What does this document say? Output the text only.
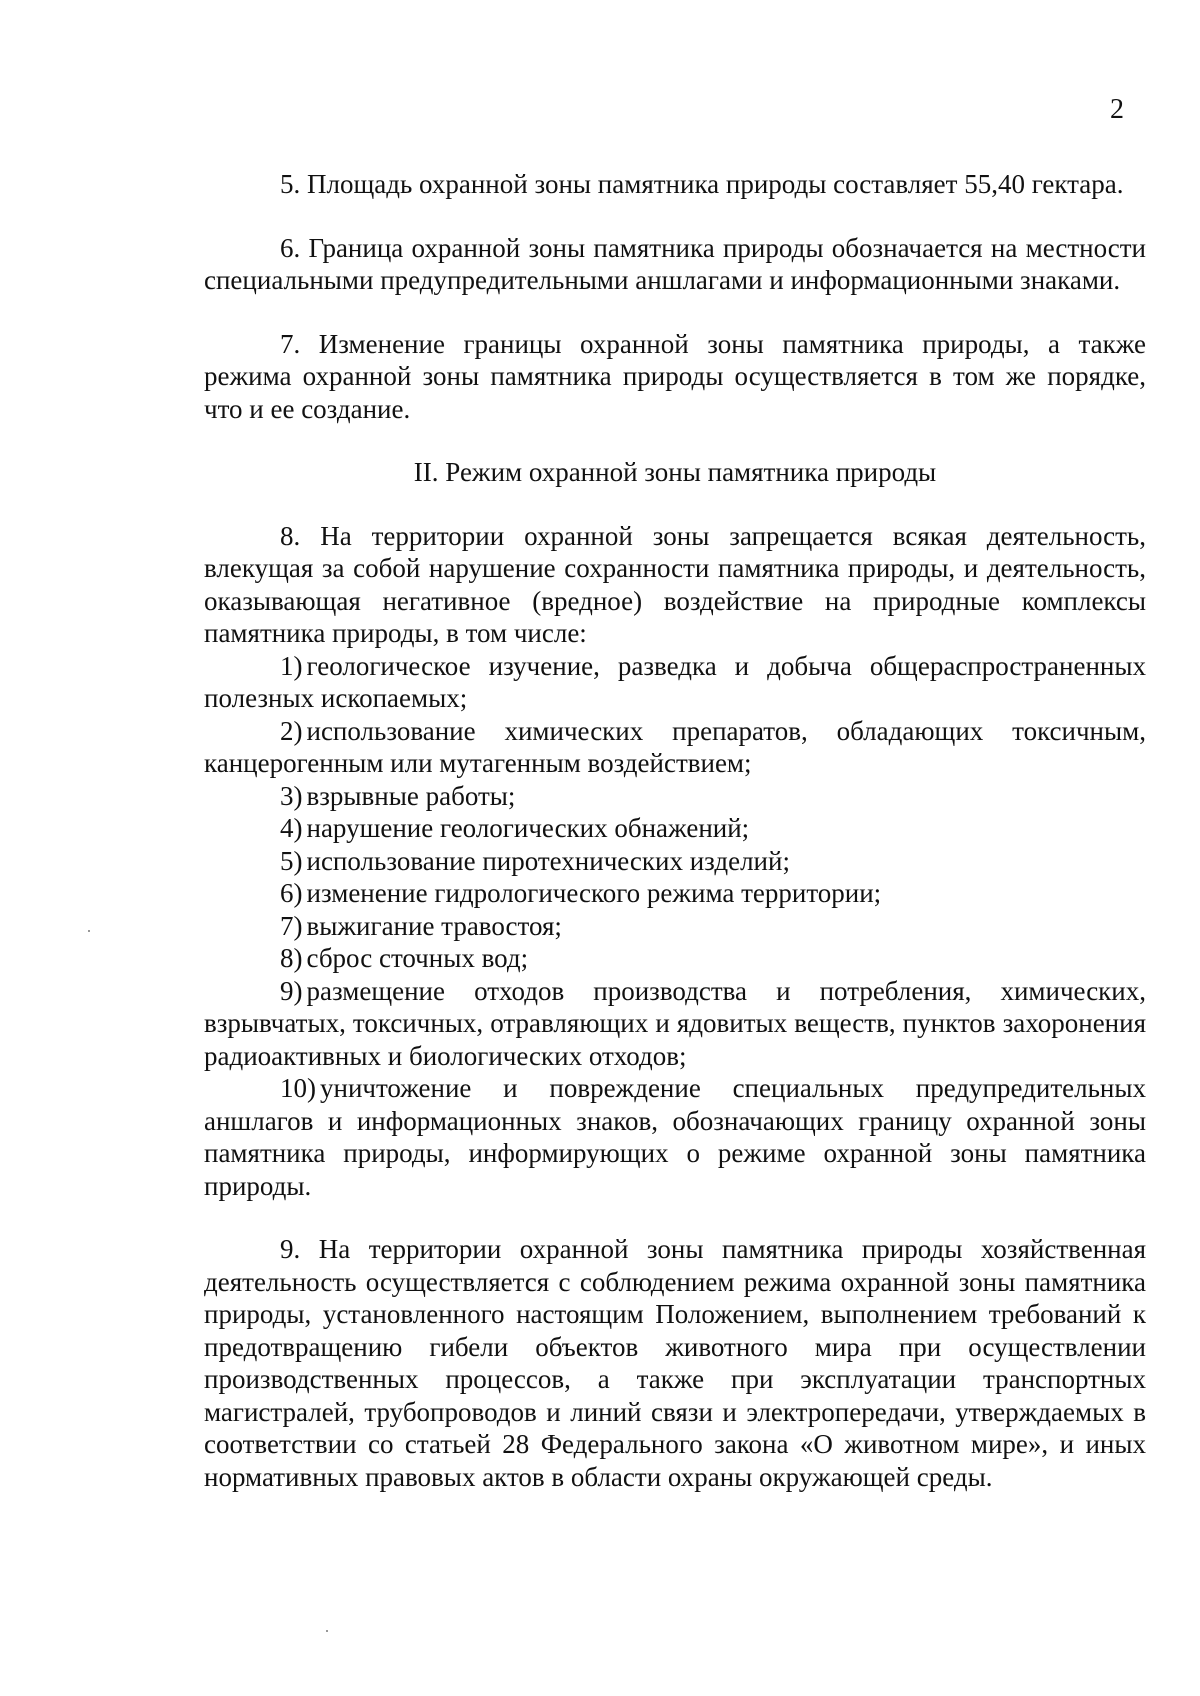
2

5. Площадь охранной зоны памятника природы составляет 55,40 гектара.

6. Граница охранной зоны памятника природы обозначается на местности специальными предупредительными аншлагами и информационными знаками.

7. Изменение границы охранной зоны памятника природы, а также режима охранной зоны памятника природы осуществляется в том же порядке, что и ее создание.

II. Режим охранной зоны памятника природы

8. На территории охранной зоны запрещается всякая деятельность, влекущая за собой нарушение сохранности памятника природы, и деятельность, оказывающая негативное (вредное) воздействие на природные комплексы памятника природы, в том числе:

1) геологическое изучение, разведка и добыча общераспространенных полезных ископаемых;

2) использование химических препаратов, обладающих токсичным, канцерогенным или мутагенным воздействием;

3) взрывные работы;

4) нарушение геологических обнажений;

5) использование пиротехнических изделий;

6) изменение гидрологического режима территории;

7) выжигание травостоя;

8) сброс сточных вод;

9) размещение отходов производства и потребления, химических, взрывчатых, токсичных, отравляющих и ядовитых веществ, пунктов захоронения радиоактивных и биологических отходов;

10) уничтожение и повреждение специальных предупредительных аншлагов и информационных знаков, обозначающих границу охранной зоны памятника природы, информирующих о режиме охранной зоны памятника природы.

9. На территории охранной зоны памятника природы хозяйственная деятельность осуществляется с соблюдением режима охранной зоны памятника природы, установленного настоящим Положением, выполнением требований к предотвращению гибели объектов животного мира при осуществлении производственных процессов, а также при эксплуатации транспортных магистралей, трубопроводов и линий связи и электропередачи, утверждаемых в соответствии со статьей 28 Федерального закона «О животном мире», и иных нормативных правовых актов в области охраны окружающей среды.
